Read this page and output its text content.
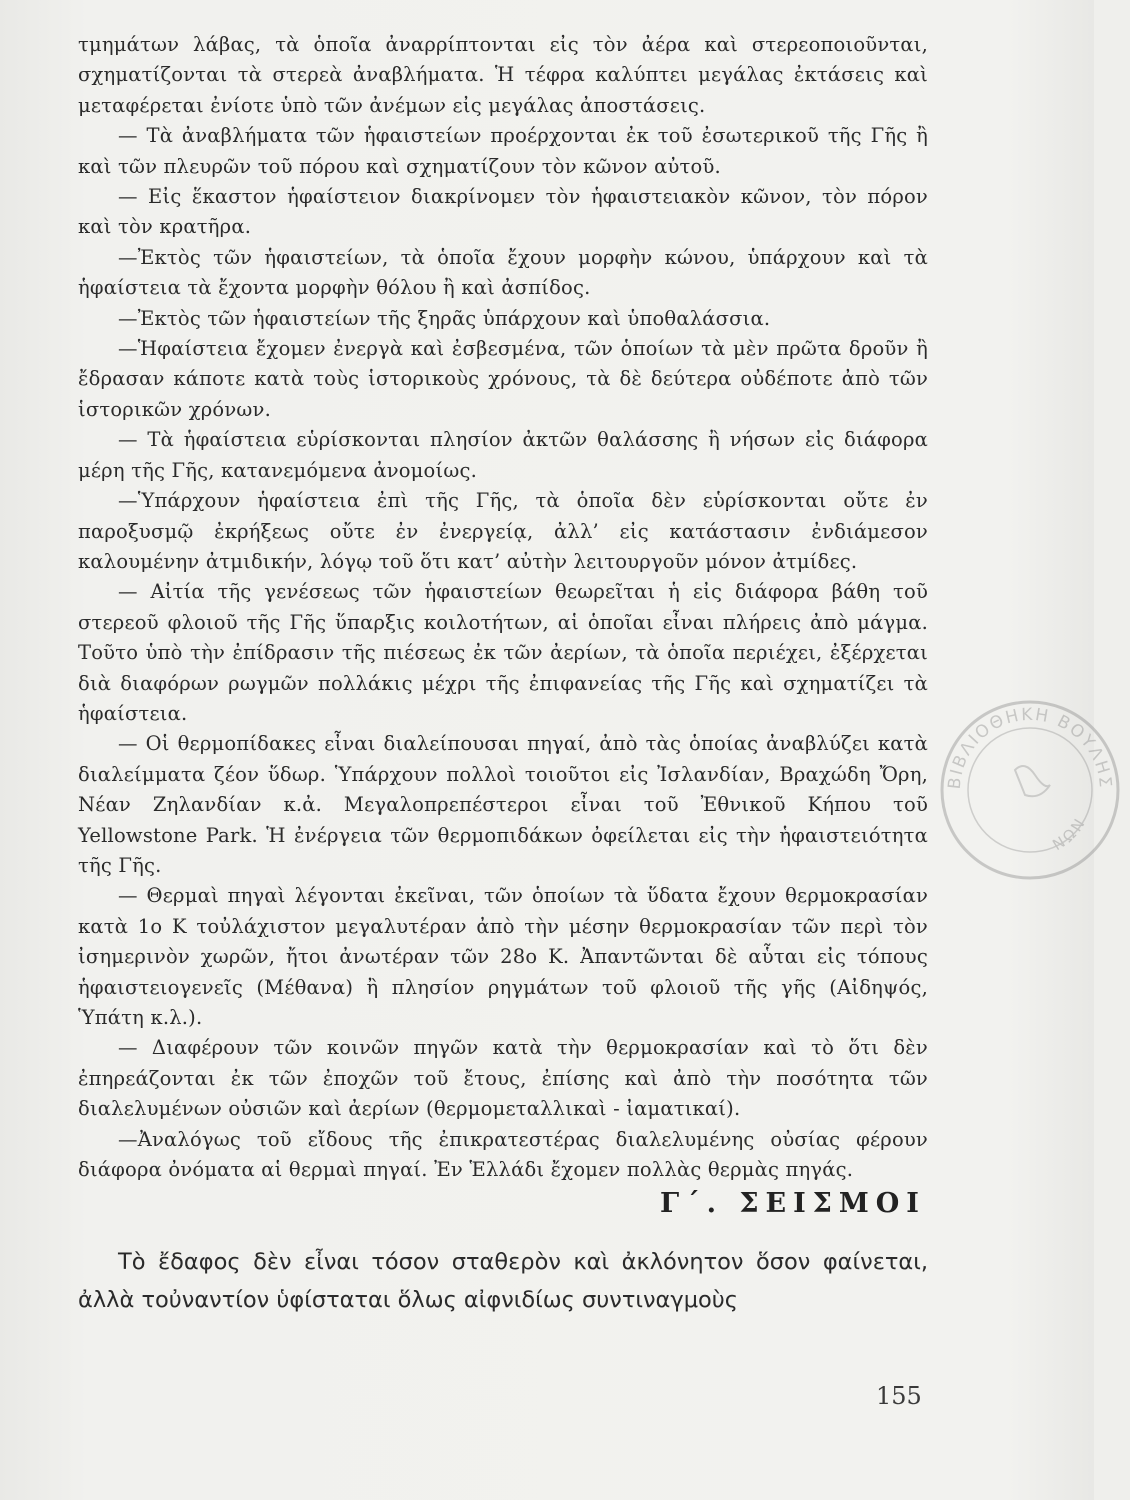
τμημάτων λάβας, τὰ ὁποῖα ἀναρρίπτονται εἰς τὸν ἀέρα καὶ στερεοποιοῦνται, σχηματίζονται τὰ στερεὰ ἀναβλήματα. Ἡ τέφρα καλύπτει μεγάλας ἐκτάσεις καὶ μεταφέρεται ἐνίοτε ὑπὸ τῶν ἀνέμων εἰς μεγάλας ἀποστάσεις.

— Τὰ ἀναβλήματα τῶν ἡφαιστείων προέρχονται ἐκ τοῦ ἐσωτερικοῦ τῆς Γῆς ἢ καὶ τῶν πλευρῶν τοῦ πόρου καὶ σχηματίζουν τὸν κῶνον αὐτοῦ.

— Εἰς ἕκαστον ἡφαίστειον διακρίνομεν τὸν ἡφαιστειακὸν κῶνον, τὸν πόρον καὶ τὸν κρατῆρα.

—Ἐκτὸς τῶν ἡφαιστείων, τὰ ὁποῖα ἔχουν μορφὴν κώνου, ὑπάρχουν καὶ τὰ ἡφαίστεια τὰ ἔχοντα μορφὴν θόλου ἢ καὶ ἀσπίδος.

—Ἐκτὸς τῶν ἡφαιστείων τῆς ξηρᾶς ὑπάρχουν καὶ ὑποθαλάσσια.

—Ἡφαίστεια ἔχομεν ἐνεργὰ καὶ ἐσβεσμένα, τῶν ὁποίων τὰ μὲν πρῶτα δροῦν ἢ ἔδρασαν κάποτε κατὰ τοὺς ἱστορικοὺς χρόνους, τὰ δὲ δεύτερα οὐδέποτε ἀπὸ τῶν ἱστορικῶν χρόνων.

— Τὰ ἡφαίστεια εὑρίσκονται πλησίον ἀκτῶν θαλάσσης ἢ νήσων εἰς διάφορα μέρη τῆς Γῆς, κατανεμόμενα ἀνομοίως.

—Ὑπάρχουν ἡφαίστεια ἐπὶ τῆς Γῆς, τὰ ὁποῖα δὲν εὑρίσκονται οὔτε ἐν παροξυσμῷ ἐκρήξεως οὔτε ἐν ἐνεργείᾳ, ἀλλ’ εἰς κατάστασιν ἐνδιάμεσον καλουμένην ἀτμιδικήν, λόγῳ τοῦ ὅτι κατ’ αὐτὴν λειτουργοῦν μόνον ἀτμίδες.

— Αἰτία τῆς γενέσεως τῶν ἡφαιστείων θεωρεῖται ἡ εἰς διάφορα βάθη τοῦ στερεοῦ φλοιοῦ τῆς Γῆς ὕπαρξις κοιλοτήτων, αἱ ὁποῖαι εἶναι πλήρεις ἀπὸ μάγμα. Τοῦτο ὑπὸ τὴν ἐπίδρασιν τῆς πιέσεως ἐκ τῶν ἀερίων, τὰ ὁποῖα περιέχει, ἐξέρχεται διὰ διαφόρων ρωγμῶν πολλάκις μέχρι τῆς ἐπιφανείας τῆς Γῆς καὶ σχηματίζει τὰ ἡφαίστεια.

— Οἱ θερμοπίδακες εἶναι διαλείπουσαι πηγαί, ἀπὸ τὰς ὁποίας ἀναβλύζει κατὰ διαλείμματα ζέον ὕδωρ. Ὑπάρχουν πολλοὶ τοιοῦτοι εἰς Ἰσλανδίαν, Βραχώδη Ὄρη, Νέαν Ζηλανδίαν κ.ἀ. Μεγαλοπρεπέστεροι εἶναι τοῦ Ἐθνικοῦ Κήπου τοῦ Yellowstone Park. Ἡ ἐνέργεια τῶν θερμοπιδάκων ὀφείλεται εἰς τὴν ἡφαιστειότητα τῆς Γῆς.

— Θερμαὶ πηγαὶ λέγονται ἐκεῖναι, τῶν ὁποίων τὰ ὕδατα ἔχουν θερμοκρασίαν κατὰ 1ο Κ τοὐλάχιστον μεγαλυτέραν ἀπὸ τὴν μέσην θερμοκρασίαν τῶν περὶ τὸν ἰσημερινὸν χωρῶν, ἤτοι ἀνωτέραν τῶν 28ο Κ. Ἀπαντῶνται δὲ αὗται εἰς τόπους ἡφαιστειογενεῖς (Μέθανα) ἢ πλησίον ρηγμάτων τοῦ φλοιοῦ τῆς γῆς (Αἰδηψός, Ὑπάτη κ.λ.).

— Διαφέρουν τῶν κοινῶν πηγῶν κατὰ τὴν θερμοκρασίαν καὶ τὸ ὅτι δὲν ἐπηρεάζονται ἐκ τῶν ἐποχῶν τοῦ ἔτους, ἐπίσης καὶ ἀπὸ τὴν ποσότητα τῶν διαλελυμένων οὐσιῶν καὶ ἀερίων (θερμομεταλλικαὶ - ἰαματικαί).

—Ἀναλόγως τοῦ εἴδους τῆς ἐπικρατεστέρας διαλελυμένης οὐσίας φέρουν διάφορα ὀνόματα αἱ θερμαὶ πηγαί. Ἐν Ἑλλάδι ἔχομεν πολλὰς θερμὰς πηγάς.

Γ΄. ΣΕΙΣΜΟΙ
Τὸ ἔδαφος δὲν εἶναι τόσον σταθερὸν καὶ ἀκλόνητον ὅσον φαίνεται, ἀλλὰ τοὐναντίον ὑφίσταται ὅλως αἰφνιδίως συντιναγμοὺς
155
ΒΙΒΛΙΟΘΗΚΗ ΒΟΥΛΗΣ
ΝΩΝ
